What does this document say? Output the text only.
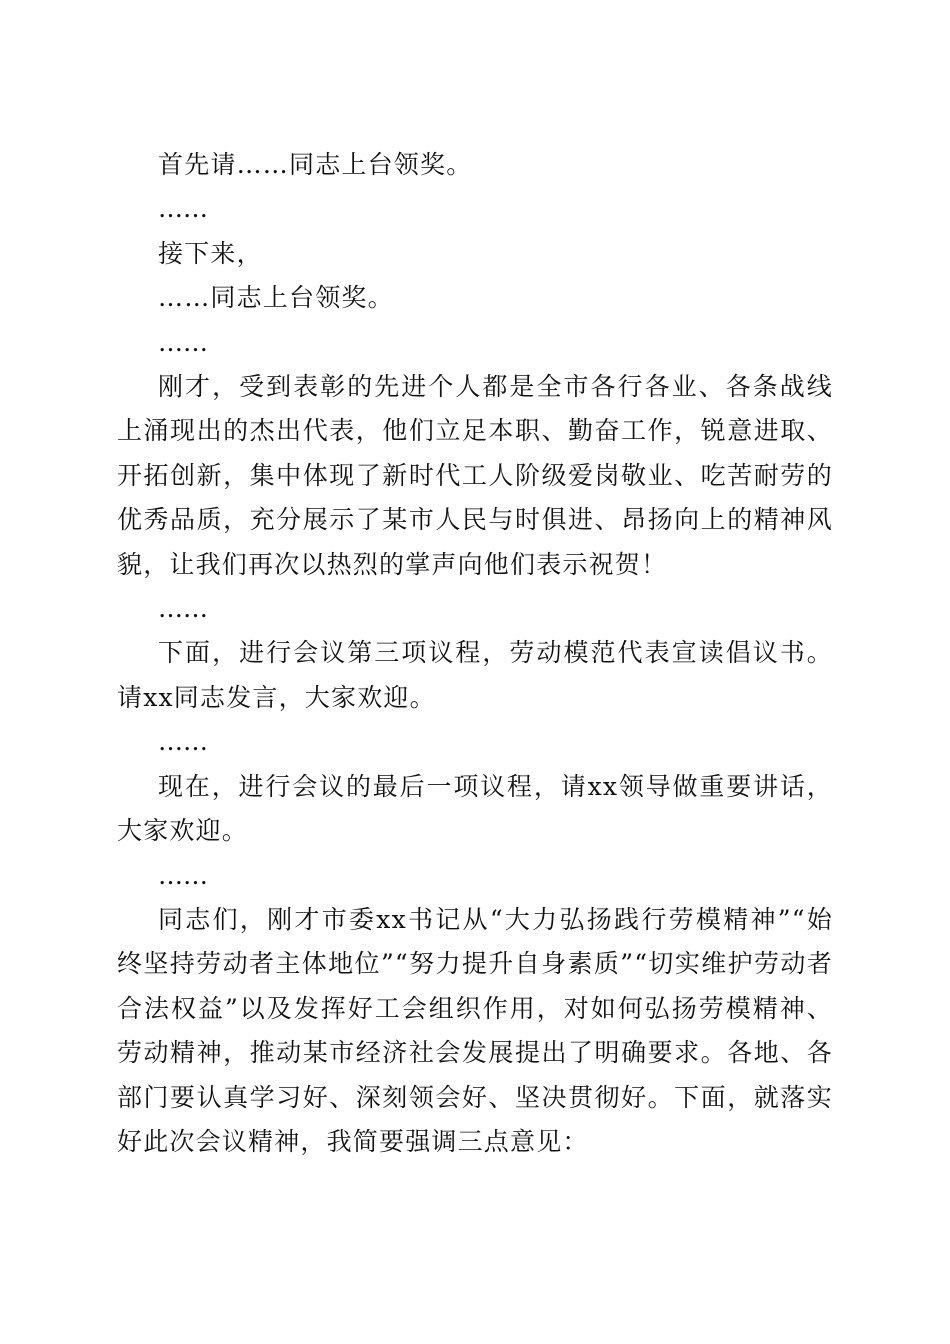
首先请……同志上台领奖。

……

接下来，

……同志上台领奖。

……

刚才，受到表彰的先进个人都是全市各行各业、各条战线上涌现出的杰出代表，他们立足本职、勤奋工作，锐意进取、开拓创新，集中体现了新时代工人阶级爱岗敬业、吃苦耐劳的优秀品质，充分展示了某市人民与时俱进、昂扬向上的精神风貌，让我们再次以热烈的掌声向他们表示祝贺！

……

下面，进行会议第三项议程，劳动模范代表宣读倡议书。请xx同志发言，大家欢迎。

……

现在，进行会议的最后一项议程，请xx领导做重要讲话，大家欢迎。

……

同志们，刚才市委xx书记从“大力弘扬践行劳模精神”“始终坚持劳动者主体地位”“努力提升自身素质”“切实维护劳动者合法权益”以及发挥好工会组织作用，对如何弘扬劳模精神、劳动精神，推动某市经济社会发展提出了明确要求。各地、各部门要认真学习好、深刻领会好、坚决贯彻好。下面，就落实好此次会议精神，我简要强调三点意见：
